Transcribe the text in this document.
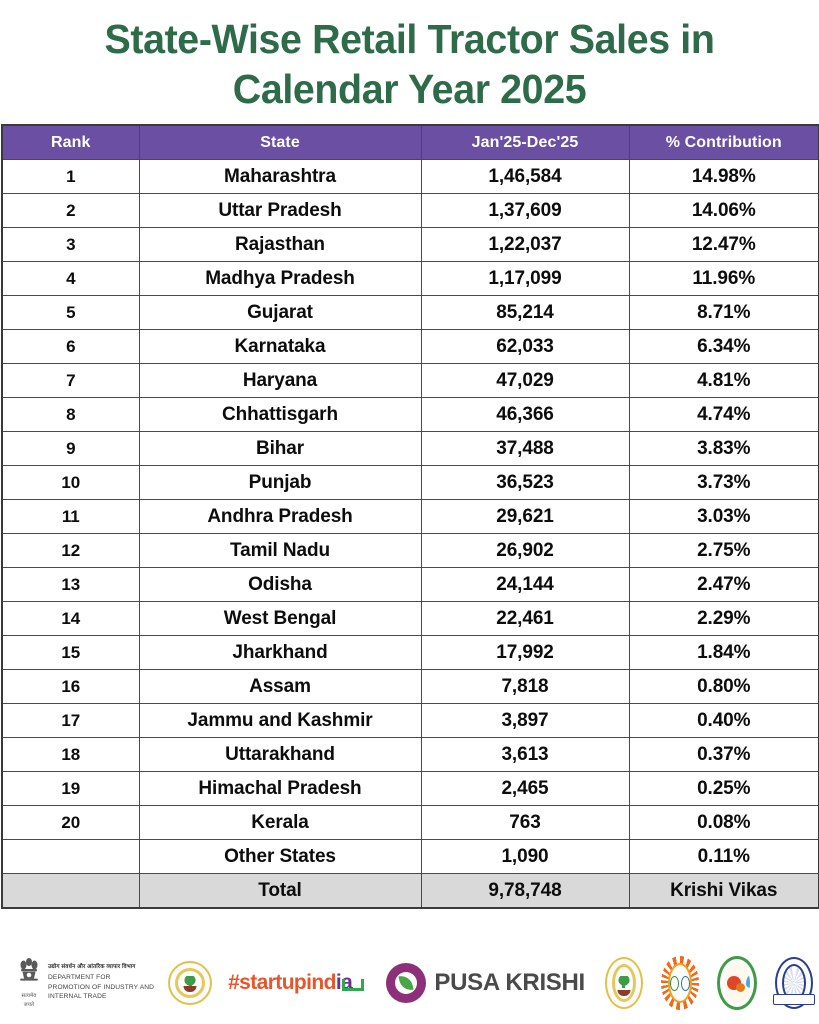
State-Wise Retail Tractor Sales in
Calendar Year 2025
Rank	State	Jan'25-Dec'25	% Contribution
1	Maharashtra	1,46,584	14.98%
2	Uttar Pradesh	1,37,609	14.06%
3	Rajasthan	1,22,037	12.47%
4	Madhya Pradesh	1,17,099	11.96%
5	Gujarat	85,214	8.71%
6	Karnataka	62,033	6.34%
7	Haryana	47,029	4.81%
8	Chhattisgarh	46,366	4.74%
9	Bihar	37,488	3.83%
10	Punjab	36,523	3.73%
11	Andhra Pradesh	29,621	3.03%
12	Tamil Nadu	26,902	2.75%
13	Odisha	24,144	2.47%
14	West Bengal	22,461	2.29%
15	Jharkhand	17,992	1.84%
16	Assam	7,818	0.80%
17	Jammu and Kashmir	3,897	0.40%
18	Uttarakhand	3,613	0.37%
19	Himachal Pradesh	2,465	0.25%
20	Kerala	763	0.08%
	Other States	1,090	0.11%
	Total	9,78,748	Krishi Vikas
सत्यमेव जयते
उद्योग संवर्धन और आंतरिक व्यापार विभाग
DEPARTMENT FOR
PROMOTION OF INDUSTRY AND
INTERNAL TRADE
#startupindia	PUSA KRISHI
